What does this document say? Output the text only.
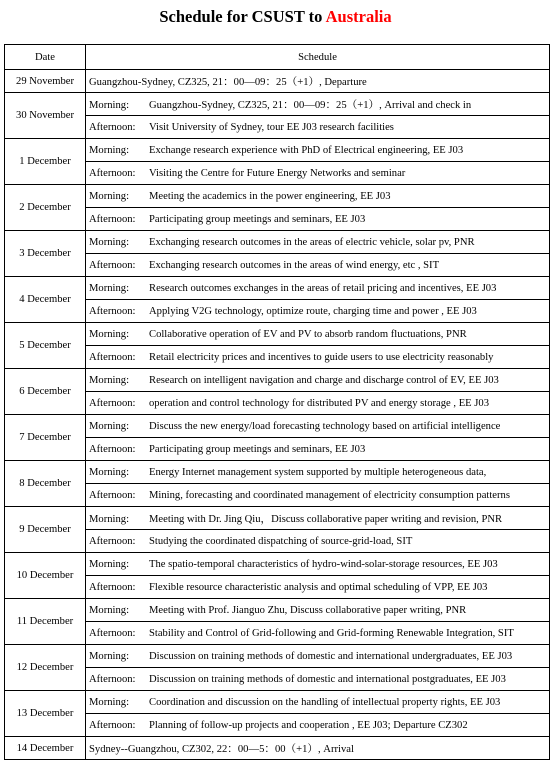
Schedule for CSUST to Australia
Date	Schedule
29 November	Guangzhou-Sydney, CZ325, 21：00—09：25（+1）, Departure
30 November	Morning: Guangzhou-Sydney, CZ325, 21：00—09：25（+1）, Arrival and check in
	Afternoon: Visit University of Sydney, tour EE J03 research facilities
1 December	Morning: Exchange research experience with PhD of Electrical engineering, EE J03
	Afternoon: Visiting the Centre for Future Energy Networks and seminar
2 December	Morning: Meeting the academics in the power engineering, EE J03
	Afternoon: Participating group meetings and seminars, EE J03
3 December	Morning: Exchanging research outcomes in the areas of electric vehicle, solar pv, PNR
	Afternoon: Exchanging research outcomes in the areas of wind energy, etc , SIT
4 December	Morning: Research outcomes exchanges in the areas of retail pricing and incentives, EE J03
	Afternoon: Applying V2G technology, optimize route, charging time and power , EE J03
5 December	Morning: Collaborative operation of EV and PV to absorb random fluctuations, PNR
	Afternoon: Retail electricity prices and incentives to guide users to use electricity reasonably
6 December	Morning: Research on intelligent navigation and charge and discharge control of EV, EE J03
	Afternoon: operation and control technology for distributed PV and energy storage , EE J03
7 December	Morning: Discuss the new energy/load forecasting technology based on artificial intelligence
	Afternoon: Participating group meetings and seminars, EE J03
8 December	Morning: Energy Internet management system supported by multiple heterogeneous data,
	Afternoon: Mining, forecasting and coordinated management of electricity consumption patterns
9 December	Morning: Meeting with Dr. Jing Qiu，Discuss collaborative paper writing and revision, PNR
	Afternoon: Studying the coordinated dispatching of source-grid-load, SIT
10 December	Morning: The spatio-temporal characteristics of hydro-wind-solar-storage resources, EE J03
	Afternoon: Flexible resource characteristic analysis and optimal scheduling of VPP, EE J03
11 December	Morning: Meeting with Prof. Jianguo Zhu, Discuss collaborative paper writing, PNR
	Afternoon: Stability and Control of Grid-following and Grid-forming Renewable Integration, SIT
12 December	Morning: Discussion on training methods of domestic and international undergraduates, EE J03
	Afternoon: Discussion on training methods of domestic and international postgraduates, EE J03
13 December	Morning: Coordination and discussion on the handling of intellectual property rights, EE J03
	Afternoon: Planning of follow-up projects and cooperation , EE J03; Departure CZ302
14 December	Sydney--Guangzhou, CZ302, 22：00—5：00（+1）, Arrival
